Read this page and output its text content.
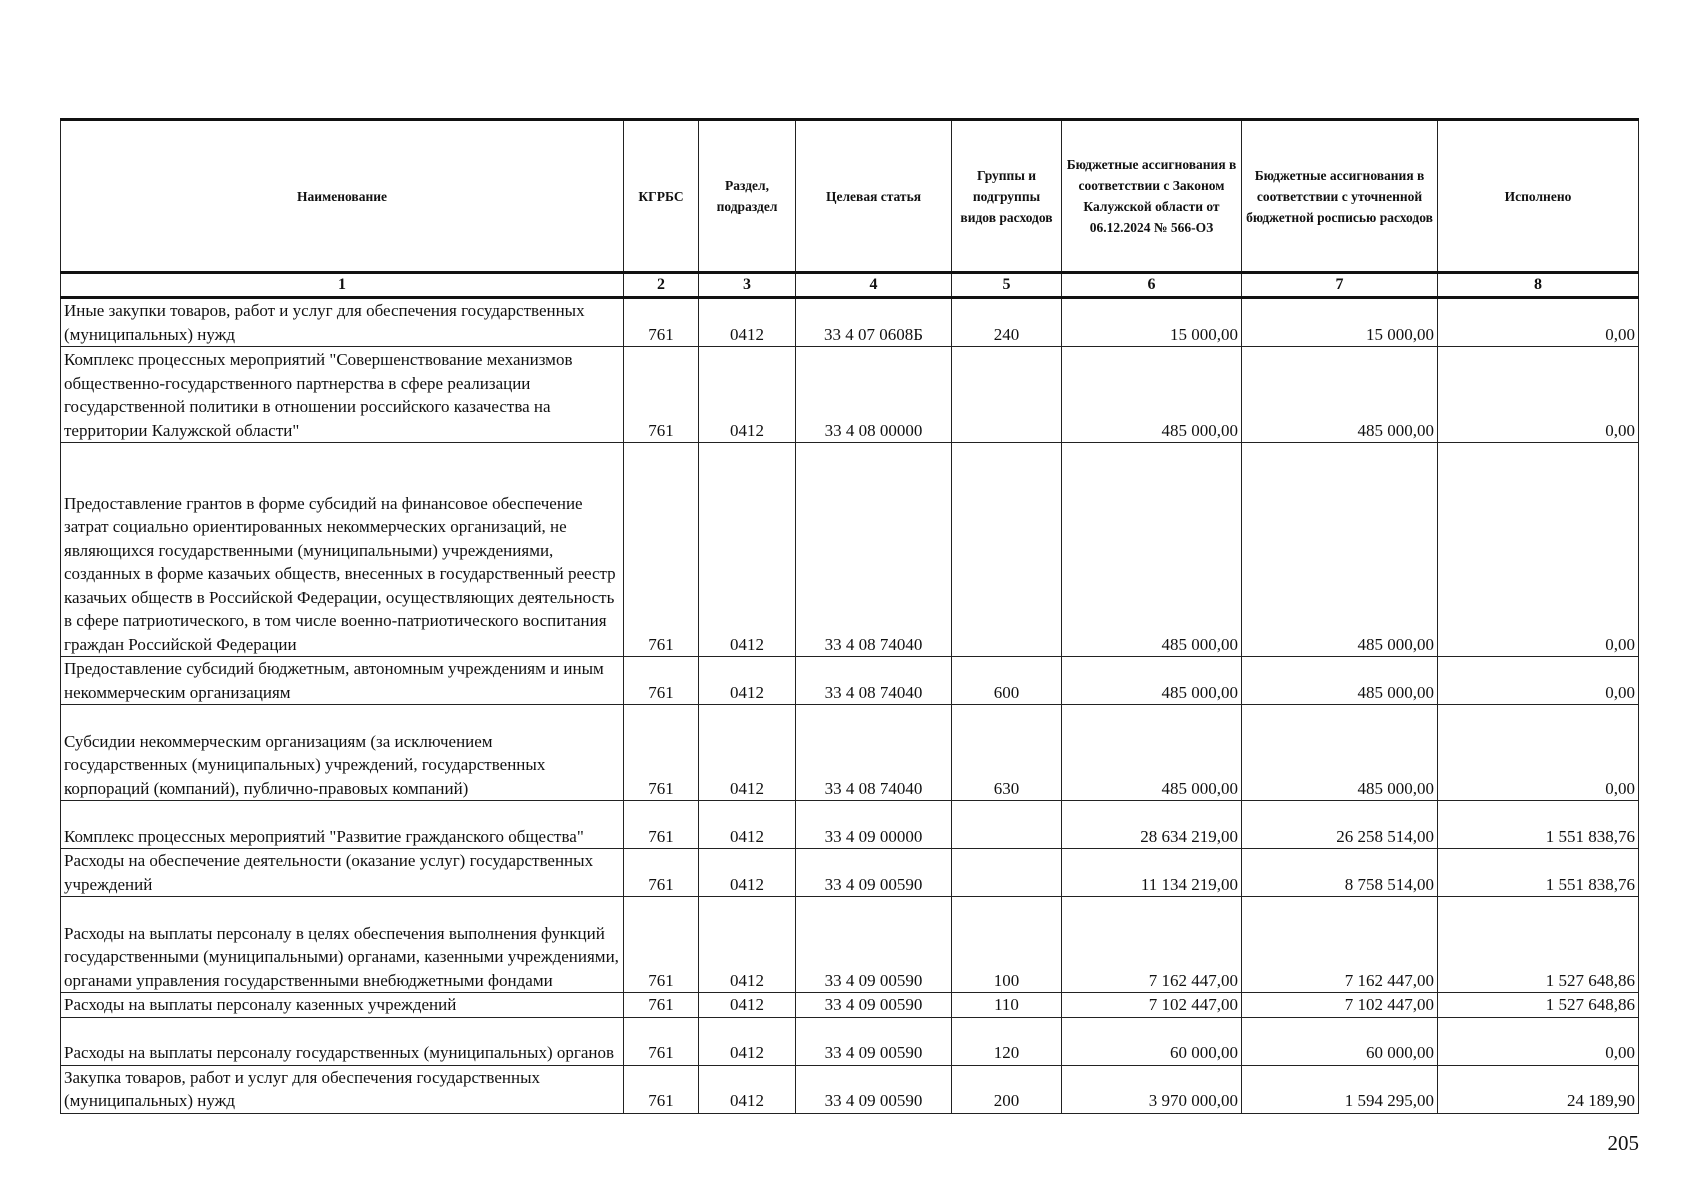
Наименование	КГРБС	Раздел, подраздел	Целевая статья	Группы и подгруппы видов расходов	Бюджетные ассигнования в соответствии с Законом Калужской области от 06.12.2024 № 566-ОЗ	Бюджетные ассигнования в соответствии с уточненной бюджетной росписью расходов	Исполнено
1	2	3	4	5	6	7	8
Иные закупки товаров, работ и услуг для обеспечения государственных (муниципальных) нужд	761	0412	33 4 07 0608Б	240	15 000,00	15 000,00	0,00
Комплекс процессных мероприятий "Совершенствование механизмов общественно-государственного партнерства в сфере реализации государственной политики в отношении российского казачества на территории Калужской области"	761	0412	33 4 08 00000		485 000,00	485 000,00	0,00
Предоставление грантов в форме субсидий на финансовое обеспечение затрат социально ориентированных некоммерческих организаций, не являющихся государственными (муниципальными) учреждениями, созданных в форме казачьих обществ, внесенных в государственный реестр казачьих обществ в Российской Федерации, осуществляющих деятельность в сфере патриотического, в том числе военно-патриотического воспитания граждан Российской Федерации	761	0412	33 4 08 74040		485 000,00	485 000,00	0,00
Предоставление субсидий бюджетным, автономным учреждениям и иным некоммерческим организациям	761	0412	33 4 08 74040	600	485 000,00	485 000,00	0,00
Субсидии некоммерческим организациям (за исключением государственных (муниципальных) учреждений, государственных корпораций (компаний), публично-правовых компаний)	761	0412	33 4 08 74040	630	485 000,00	485 000,00	0,00
Комплекс процессных мероприятий "Развитие гражданского общества"	761	0412	33 4 09 00000		28 634 219,00	26 258 514,00	1 551 838,76
Расходы на обеспечение деятельности (оказание услуг) государственных учреждений	761	0412	33 4 09 00590		11 134 219,00	8 758 514,00	1 551 838,76
Расходы на выплаты персоналу в целях обеспечения выполнения функций государственными (муниципальными) органами, казенными учреждениями, органами управления государственными внебюджетными фондами	761	0412	33 4 09 00590	100	7 162 447,00	7 162 447,00	1 527 648,86
Расходы на выплаты персоналу казенных учреждений	761	0412	33 4 09 00590	110	7 102 447,00	7 102 447,00	1 527 648,86
Расходы на выплаты персоналу государственных (муниципальных) органов	761	0412	33 4 09 00590	120	60 000,00	60 000,00	0,00
Закупка товаров, работ и услуг для обеспечения государственных (муниципальных) нужд	761	0412	33 4 09 00590	200	3 970 000,00	1 594 295,00	24 189,90
205
